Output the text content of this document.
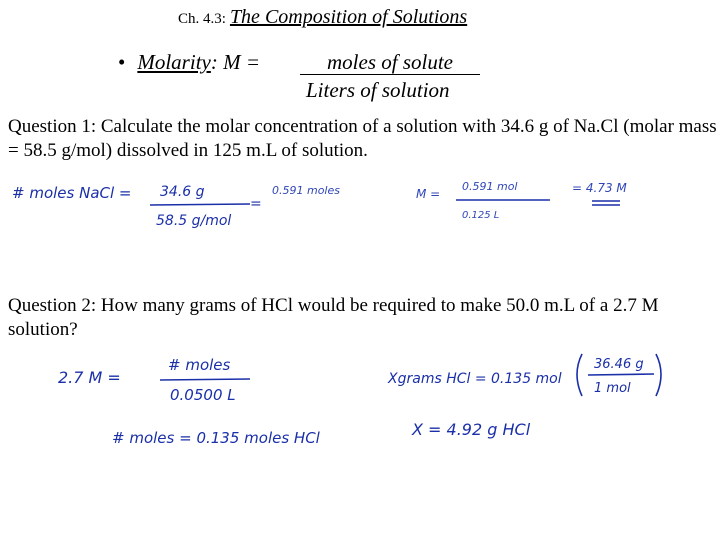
Ch. 4.3: The Composition of Solutions
• Molarity: M =	moles of solute
Liters of solution
Question 1: Calculate the molar concentration of a solution with 34.6 g of Na.Cl (molar mass = 58.5 g/mol) dissolved in 125 m.L of solution.
Question 2: How many grams of HCl would be required to make 50.0 m.L of a 2.7 M solution?
# moles NaCl = 34.6 g
58.5 g/mol
=
0.591 moles	M =
0.591 mol
0.125 L
= 4.73 M
2.7 M =
# moles
0.0500 L
# moles = 0.135 moles HCl
Xgrams HCl = 0.135 mol
36.46 g
1 mol
X = 4.92 g HCl
